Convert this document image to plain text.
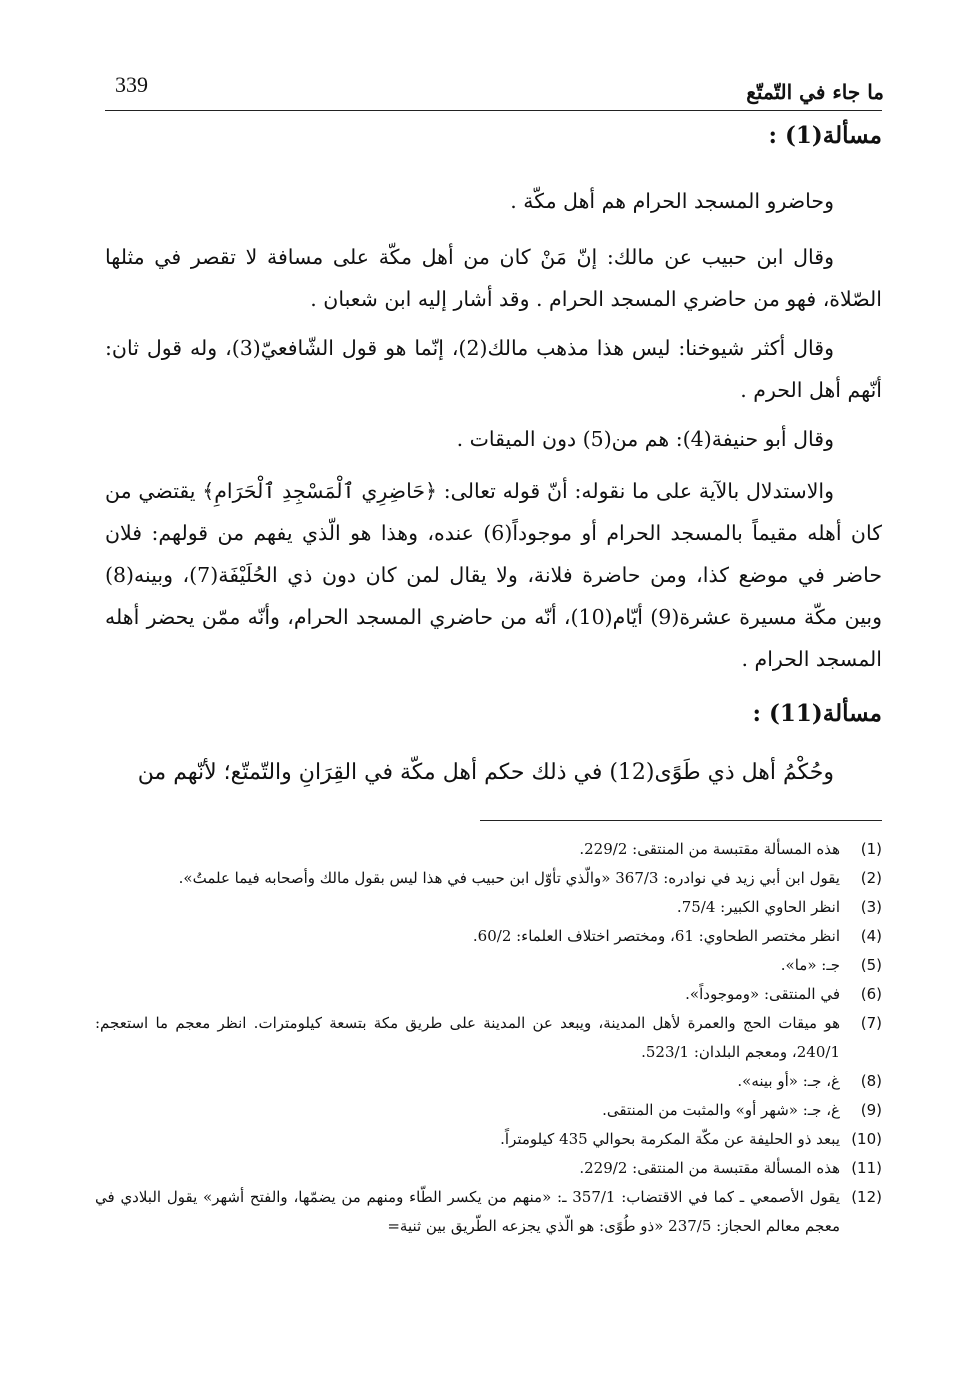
ما جاء في التّمتّع
339
مسألة(1) :

وحاضرو المسجد الحرام هم أهل مكّة .

وقال ابن حبيب عن مالك: إنّ مَنْ كان من أهل مكّة على مسافة لا تقصر في مثلها الصّلاة، فهو من حاضري المسجد الحرام . وقد أشار إليه ابن شعبان .

وقال أكثر شيوخنا: ليس هذا مذهب مالك(2)، إنّما هو قول الشّافعيّ(3)، وله قول ثان: أنّهم أهل الحرم .

وقال أبو حنيفة(4): هم من(5) دون الميقات .

والاستدلال بالآية على ما نقوله: أنّ قوله تعالى: ﴿حَاضِرِي ٱلْمَسْجِدِ ٱلْحَرَامِ﴾ يقتضي من كان أهله مقيماً بالمسجد الحرام أو موجوداً(6) عنده، وهذا هو الّذي يفهم من قولهم: فلان حاضر في موضع كذا، ومن حاضرة فلانة، ولا يقال لمن كان دون ذي الحُلَيْفَة(7)، وبينه(8) وبين مكّة مسيرة عشرة(9) أيّام(10)، أنّه من حاضري المسجد الحرام، وأنّه ممّن يحضر أهله المسجد الحرام .

مسألة(11) :

وحُكْمُ أهل ذي طَوًى(12) في ذلك حكم أهل مكّة في القِرَانِ والتّمتّع؛ لأنّهم من

(1)
هذه المسألة مقتبسة من المنتقى: 229/2.
(2)
يقول ابن أبي زيد في نوادره: 367/3 «والّذي تأوّل ابن حبيب في هذا ليس بقول مالك وأصحابه فيما علمتُ».
(3)
انظر الحاوي الكبير: 75/4.
(4)
انظر مختصر الطحاوي: 61، ومختصر اختلاف العلماء: 60/2.
(5)
جـ: «ما».
(6)
في المنتقى: «وموجوداً».
(7)
هو ميقات الحج والعمرة لأهل المدينة، ويبعد عن المدينة على طريق مكة بتسعة كيلومترات. انظر معجم ما استعجم: 240/1، ومعجم البلدان: 523/1.
(8)
غ، جـ: «أو بينه».
(9)
غ، جـ: «شهر أو» والمثبت من المنتقى.
(10)
يبعد ذو الحليفة عن مكّة المكرمة بحوالي 435 كيلومتراً.
(11)
هذه المسألة مقتبسة من المنتقى: 229/2.
(12)
يقول الأصمعي ـ كما في الاقتضاب: 357/1 ـ: «منهم من يكسر الطّاء ومنهم من يضمّها، والفتح أشهر» يقول البلادي في معجم معالم الحجاز: 237/5 «ذو طُوًى: هو الّذي يجزعه الطّريق بين ثنية=
